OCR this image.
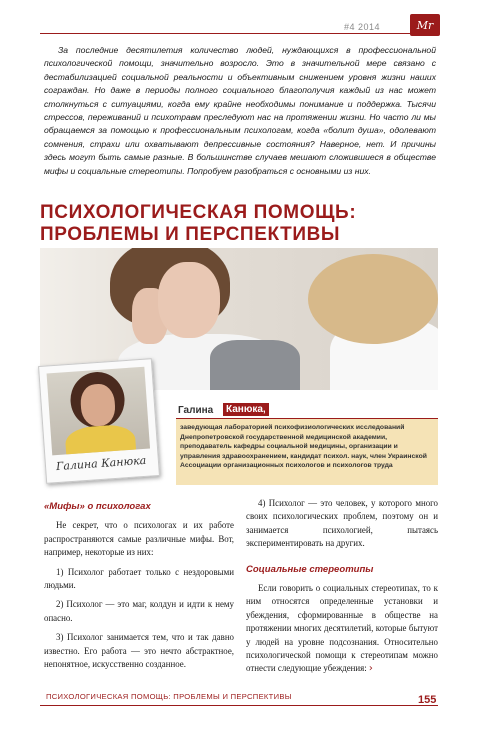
#4 2014	Mr
За последние десятилетия количество людей, нуждающихся в профессиональной психологической помощи, значительно возросло. Это в значительной мере связано с дестабилизацией социальной реальности и объективным снижением уровня жизни наших сограждан. Но даже в периоды полного социального благополучия каждый из нас может столкнуться с ситуациями, когда ему крайне необходимы понимание и поддержка. Тысячи стрессов, переживаний и психотравм преследуют нас на протяжении жизни. Но часто ли мы обращаемся за помощью к профессиональным психологам, когда «болит душа», одолевают сомнения, страхи или охватывают депрессивные состояния? Наверное, нет. И причины здесь могут быть самые разные. В большинстве случаев мешают сложившиеся в обществе мифы и социальные стереотипы. Попробуем разобраться с основными из них.
ПСИХОЛОГИЧЕСКАЯ ПОМОЩЬ: ПРОБЛЕМЫ И ПЕРСПЕКТИВЫ
Галина Канюка
Галина	Канюка,
заведующая лабораторией психофизиологических исследований Днепропетровской государственной медицинской академии, преподаватель кафедры социальной медицины, организации и управления здравоохранением, кандидат психол. наук, член Украинской Ассоциации организационных психологов и психологов труда

«Мифы» о психологах

Не секрет, что о психологах и их работе распространяются самые различные мифы. Вот, например, некоторые из них:

1) Психолог работает только с нездоровыми людьми.

2) Психолог — это маг, колдун и идти к нему опасно.

3) Психолог занимается тем, что и так давно известно. Его работа — это нечто абстрактное, непонятное, искусственно созданное.

4) Психолог — это человек, у которого много своих психологических проблем, поэтому он и занимается психологией, пытаясь экспериментировать на других.

Социальные стереотипы

Если говорить о социальных стереотипах, то к ним относятся определенные установки и убеждения, сформированные в обществе на протяжении многих десятилетий, которые бытуют у людей на уровне подсознания. Относительно психологической помощи к стереотипам можно отнести следующие убеждения: ›

ПСИХОЛОГИЧЕСКАЯ ПОМОЩЬ: ПРОБЛЕМЫ И ПЕРСПЕКТИВЫ	155
